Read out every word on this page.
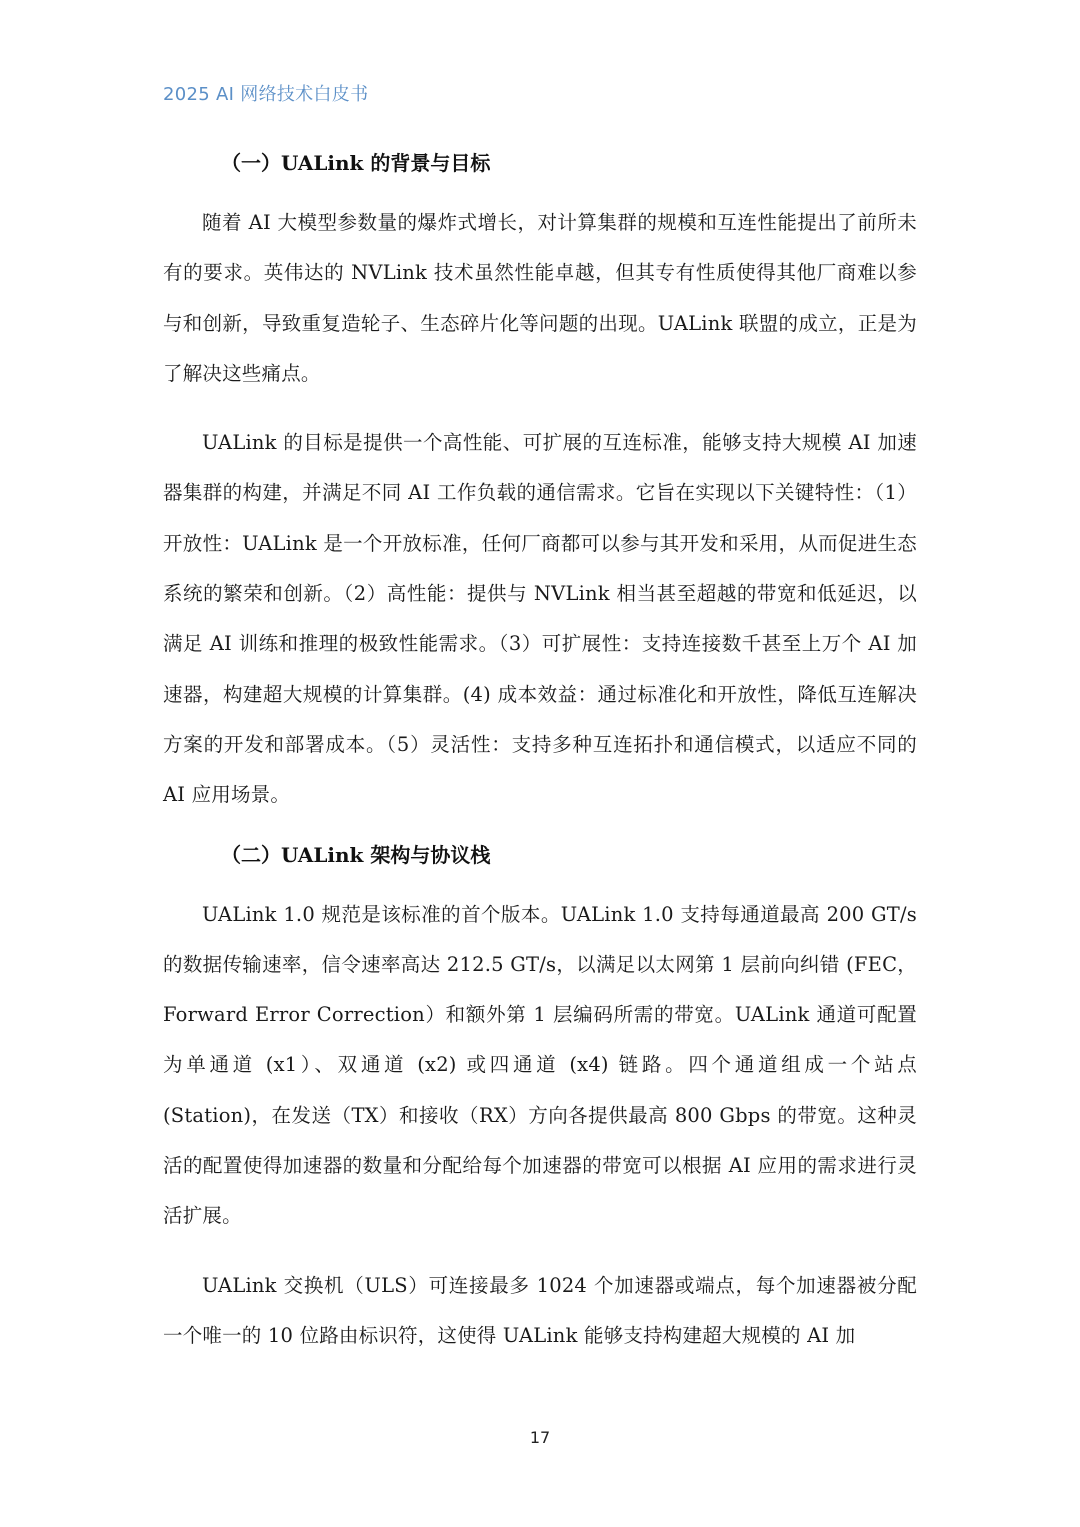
2025 AI 网络技术白皮书
（一）UALink 的背景与目标

随着 AI 大模型参数量的爆炸式增长，对计算集群的规模和互连性能提出了前所未有的要求。英伟达的 NVLink 技术虽然性能卓越，但其专有性质使得其他厂商难以参与和创新，导致重复造轮子、生态碎片化等问题的出现。UALink 联盟的成立，正是为了解决这些痛点。

UALink 的目标是提供一个高性能、可扩展的互连标准，能够支持大规模 AI 加速器集群的构建，并满足不同 AI 工作负载的通信需求。它旨在实现以下关键特性：（1）开放性：UALink 是一个开放标准，任何厂商都可以参与其开发和采用，从而促进生态系统的繁荣和创新。（2）高性能：提供与 NVLink 相当甚至超越的带宽和低延迟，以满足 AI 训练和推理的极致性能需求。（3）可扩展性：支持连接数千甚至上万个 AI 加速器，构建超大规模的计算集群。(4) 成本效益：通过标准化和开放性，降低互连解决方案的开发和部署成本。（5）灵活性：支持多种互连拓扑和通信模式，以适应不同的 AI 应用场景。

（二）UALink 架构与协议栈

UALink 1.0 规范是该标准的首个版本。UALink 1.0 支持每通道最高 200 GT/s 的数据传输速率，信令速率高达 212.5 GT/s，以满足以太网第 1 层前向纠错 (FEC，Forward Error Correction）和额外第 1 层编码所需的带宽。UALink 通道可配置为单通道 (x1）、双通道 (x2) 或四通道 (x4) 链路。四个通道组成一个站点 (Station)，在发送（TX）和接收（RX）方向各提供最高 800 Gbps 的带宽。这种灵活的配置使得加速器的数量和分配给每个加速器的带宽可以根据 AI 应用的需求进行灵活扩展。

UALink 交换机（ULS）可连接最多 1024 个加速器或端点，每个加速器被分配一个唯一的 10 位路由标识符，这使得 UALink 能够支持构建超大规模的 AI 加

17
